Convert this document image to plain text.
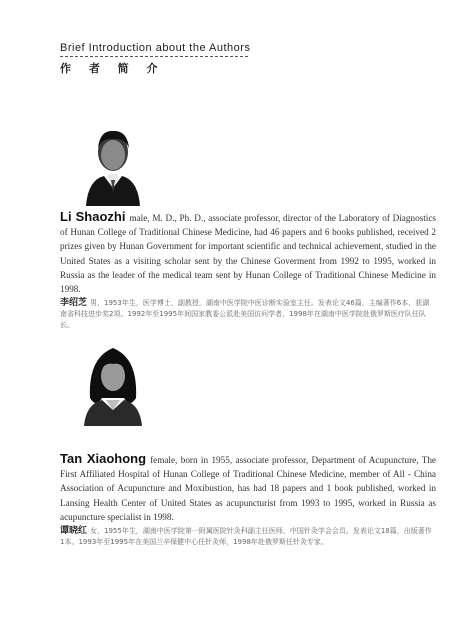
Brief Introduction about the Authors
作 者 简 介
Li Shaozhi male, M. D., Ph. D., associate professor, director of the Laboratory of Diagnostics of Hunan College of Traditional Chinese Medicine, had 46 papers and 6 books published, received 2 prizes given by Hunan Government for important scientific and technical achievement, studied in the United States as a visiting scholar sent by the Chinese Goverment from 1992 to 1995, worked in Russia as the leader of the medical team sent by Hunan College of Traditional Chinese Medicine in 1998.
李绍芝 男，1953年生，医学博士，副教授，湖南中医学院中医诊断实验室主任。发表论文46篇，主编著作6本，获湖南省科技进步奖2项。1992年至1995年间国家教委公派赴美国访问学者，1998年在湖南中医学院赴俄罗斯医疗队任队长。
Tan Xiaohong female, born in 1955, associate professor, Department of Acupuncture, The First Affiliated Hospital of Hunan College of Traditional Chinese Medicine, member of All - China Association of Acupuncture and Moxibustion, has had 18 papers and 1 book published, worked in Lansing Health Center of United States as acupuncturist from 1993 to 1995, worked in Russia as acupuncture specialist in 1998.
谭晓红 女，1955年生，湖南中医学院第一附属医院针灸科副主任医师，中国针灸学会会员。发表论文18篇，出版著作1本。1993年至1995年在美国兰辛保健中心任针灸师，1998年赴俄罗斯任针灸专家。
